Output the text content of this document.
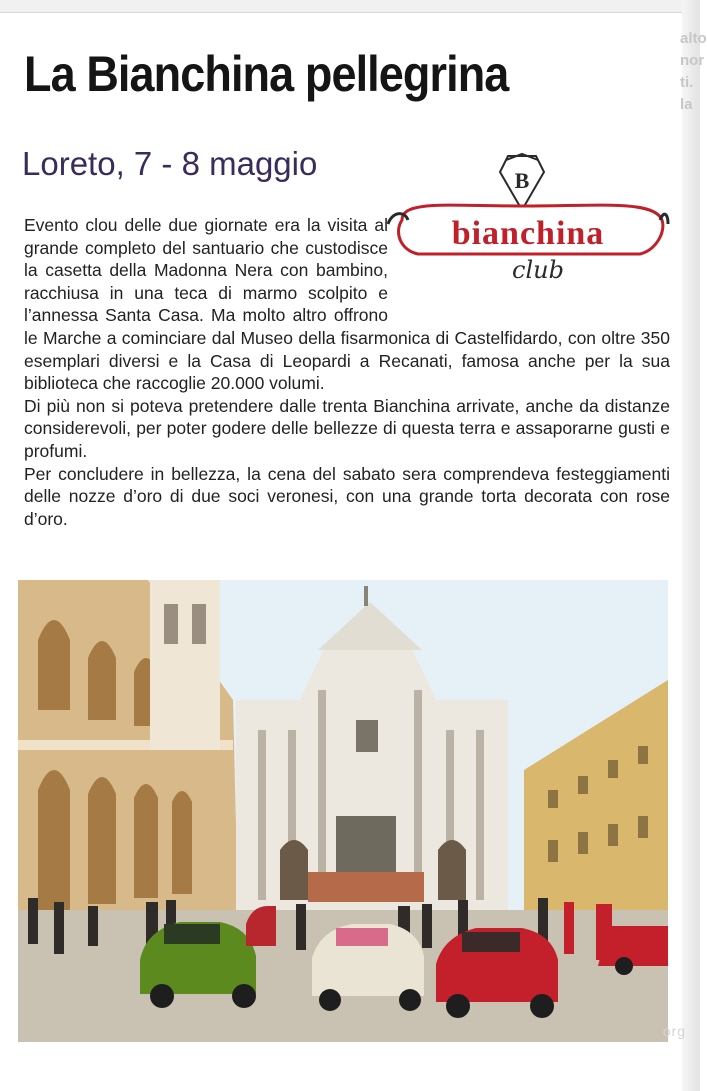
alto
nor
ti.
la
La Bianchina pellegrina
Loreto, 7 - 8 maggio	B
bianchina
club

Evento clou delle due giornate era la visita al grande completo del santuario che custodisce la casetta della Madonna Nera con bambino, racchiusa in una teca di marmo scolpito e l’annessa Santa Casa. Ma molto altro offrono le Marche a cominciare dal Museo della fisarmonica di Castelfidardo, con oltre 350 esemplari diversi e la Casa di Leopardi a Recanati, famosa anche per la sua biblioteca che raccoglie 20.000 volumi.

Di più non si poteva pretendere dalle trenta Bianchina arrivate, anche da distanze considerevoli, per poter godere delle bellezze di questa terra e assaporarne gusti e profumi.

Per concludere in bellezza, la cena del sabato sera comprendeva festeggiamenti delle nozze d’oro di due soci veronesi, con una grande torta decorata con rose d’oro.

org
